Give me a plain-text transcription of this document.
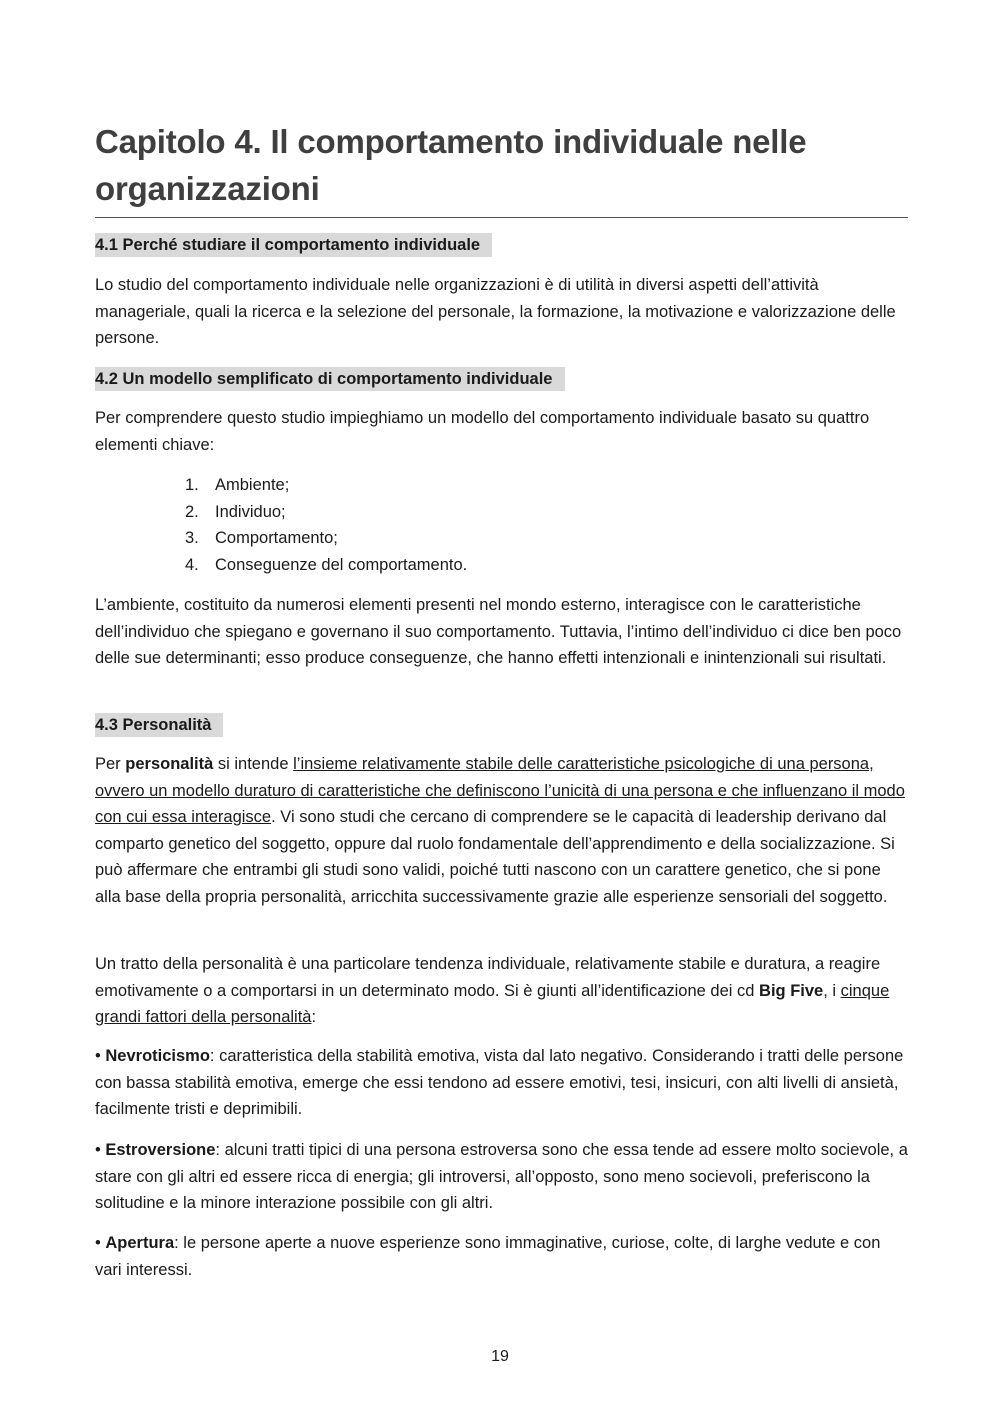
Capitolo 4. Il comportamento individuale nelle organizzazioni
4.1 Perché studiare il comportamento individuale

Lo studio del comportamento individuale nelle organizzazioni è di utilità in diversi aspetti dell’attività manageriale, quali la ricerca e la selezione del personale, la formazione, la motivazione e valorizzazione delle persone.

4.2 Un modello semplificato di comportamento individuale

Per comprendere questo studio impieghiamo un modello del comportamento individuale basato su quattro elementi chiave:

1. Ambiente;
2. Individuo;
3. Comportamento;
4. Conseguenze del comportamento.

L’ambiente, costituito da numerosi elementi presenti nel mondo esterno, interagisce con le caratteristiche dell’individuo che spiegano e governano il suo comportamento. Tuttavia, l’intimo dell’individuo ci dice ben poco delle sue determinanti; esso produce conseguenze, che hanno effetti intenzionali e inintenzionali sui risultati.

4.3 Personalità

Per personalità si intende l’insieme relativamente stabile delle caratteristiche psicologiche di una persona, ovvero un modello duraturo di caratteristiche che definiscono l’unicità di una persona e che influenzano il modo con cui essa interagisce. Vi sono studi che cercano di comprendere se le capacità di leadership derivano dal comparto genetico del soggetto, oppure dal ruolo fondamentale dell’apprendimento e della socializzazione. Si può affermare che entrambi gli studi sono validi, poiché tutti nascono con un carattere genetico, che si pone alla base della propria personalità, arricchita successivamente grazie alle esperienze sensoriali del soggetto.

Un tratto della personalità è una particolare tendenza individuale, relativamente stabile e duratura, a reagire emotivamente o a comportarsi in un determinato modo. Si è giunti all’identificazione dei cd Big Five, i cinque grandi fattori della personalità:

• Nevroticismo: caratteristica della stabilità emotiva, vista dal lato negativo. Considerando i tratti delle persone con bassa stabilità emotiva, emerge che essi tendono ad essere emotivi, tesi, insicuri, con alti livelli di ansietà, facilmente tristi e deprimibili.

• Estroversione: alcuni tratti tipici di una persona estroversa sono che essa tende ad essere molto socievole, a stare con gli altri ed essere ricca di energia; gli introversi, all’opposto, sono meno socievoli, preferiscono la solitudine e la minore interazione possibile con gli altri.

• Apertura: le persone aperte a nuove esperienze sono immaginative, curiose, colte, di larghe vedute e con vari interessi.

19
